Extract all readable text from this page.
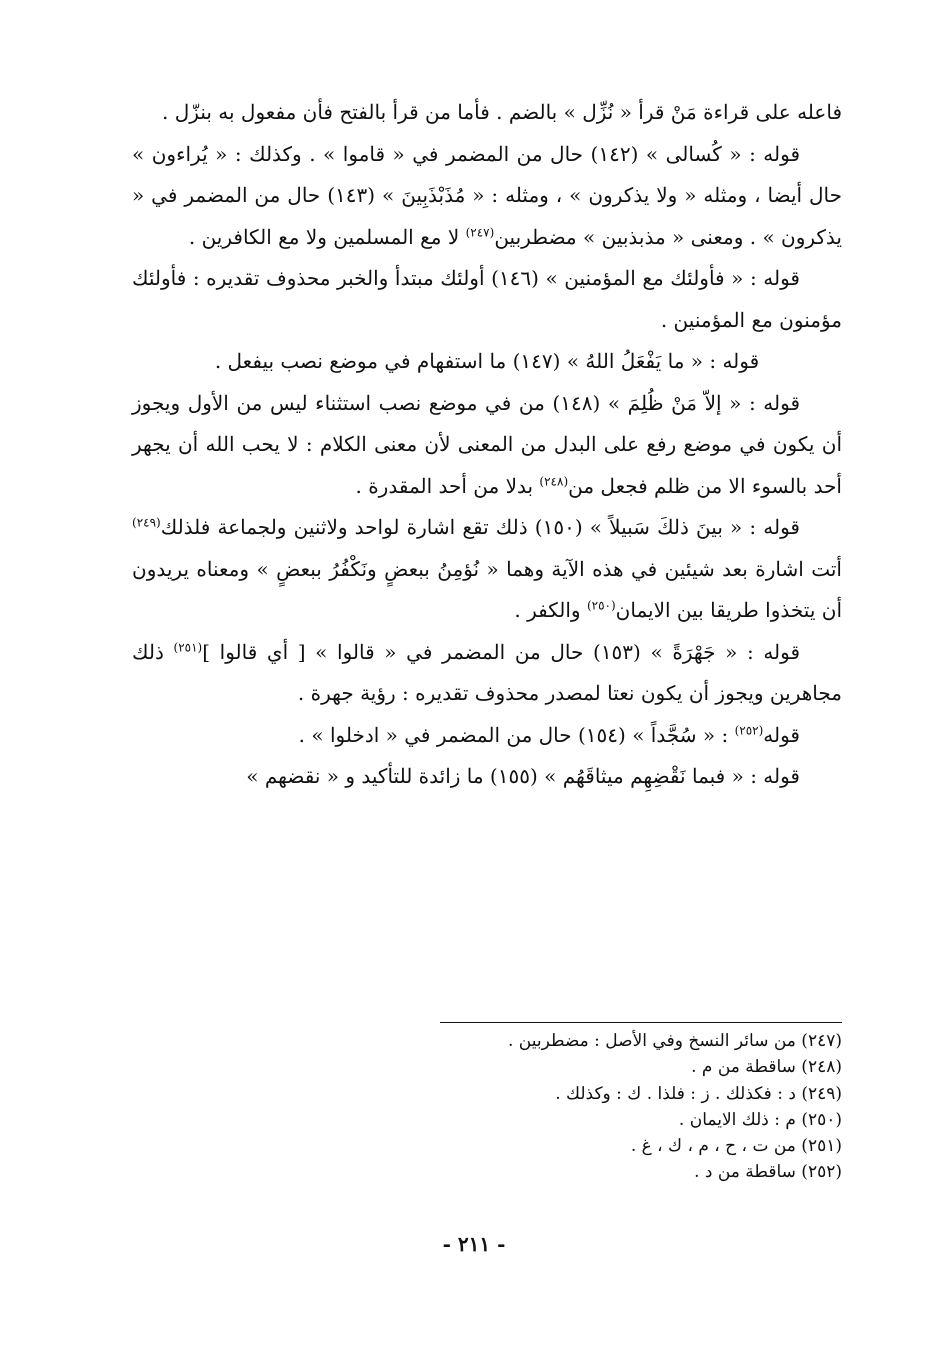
فاعله على قراءة مَنْ قرأ « نُزِّل » بالضم . فأما من قرأ بالفتح فأن مفعول به بنزّل .

قوله : « كُسالى » (١٤٢) حال من المضمر في « قاموا » . وكذلك : « يُراءون » حال أيضا ، ومثله « ولا يذكرون » ، ومثله : « مُذَبْذَبِينَ » (١٤٣) حال من المضمر في « يذكرون » . ومعنى « مذبذبين » مضطربين$^{(٢٤٧)}$ لا مع المسلمين ولا مع الكافرين .

قوله : « فأولئك مع المؤمنين » (١٤٦) أولئك مبتدأ والخبر محذوف تقديره : فأولئك مؤمنون مع المؤمنين .

قوله : « ما يَفْعَلُ اللهُ » (١٤٧) ما استفهام في موضع نصب بيفعل .

قوله : « إلاّ مَنْ ظُلِمَ » (١٤٨) من في موضع نصب استثناء ليس من الأول ويجوز أن يكون في موضع رفع على البدل من المعنى لأن معنى الكلام : لا يحب الله أن يجهر أحد بالسوء الا من ظلم فجعل من$^{(٢٤٨)}$ بدلا من أحد المقدرة .

قوله : « بينَ ذلكَ سَبيلاً » (١٥٠) ذلك تقع اشارة لواحد ولاثنين ولجماعة فلذلك$^{(٢٤٩)}$ أتت اشارة بعد شيئين في هذه الآية وهما « نُؤمِنُ ببعضٍ ونَكْفُرُ ببعضٍ » ومعناه يريدون أن يتخذوا طريقا بين الايمان$^{(٢٥٠)}$ والكفر .

قوله : « جَهْرَةً » (١٥٣) حال من المضمر في « قالوا » [ أي قالوا ]$^{(٢٥١)}$ ذلك مجاهرين ويجوز أن يكون نعتا لمصدر محذوف تقديره : رؤية جهرة .

قوله$^{(٢٥٢)}$ : « سُجَّداً » (١٥٤) حال من المضمر في « ادخلوا » .

قوله : « فبما نَقْضِهِم ميثاقَهُم » (١٥٥) ما زائدة للتأكيد و « نقضهم »

(٢٤٧) من سائر النسخ وفي الأصل : مضطربين .
(٢٤٨) ساقطة من م .
(٢٤٩) د : فكذلك . ز : فلذا . ك : وكذلك .
(٢٥٠) م : ذلك الايمان .
(٢٥١) من ت ، ح ، م ، ك ، غ .
(٢٥٢) ساقطة من د .
- ٢١١ -
